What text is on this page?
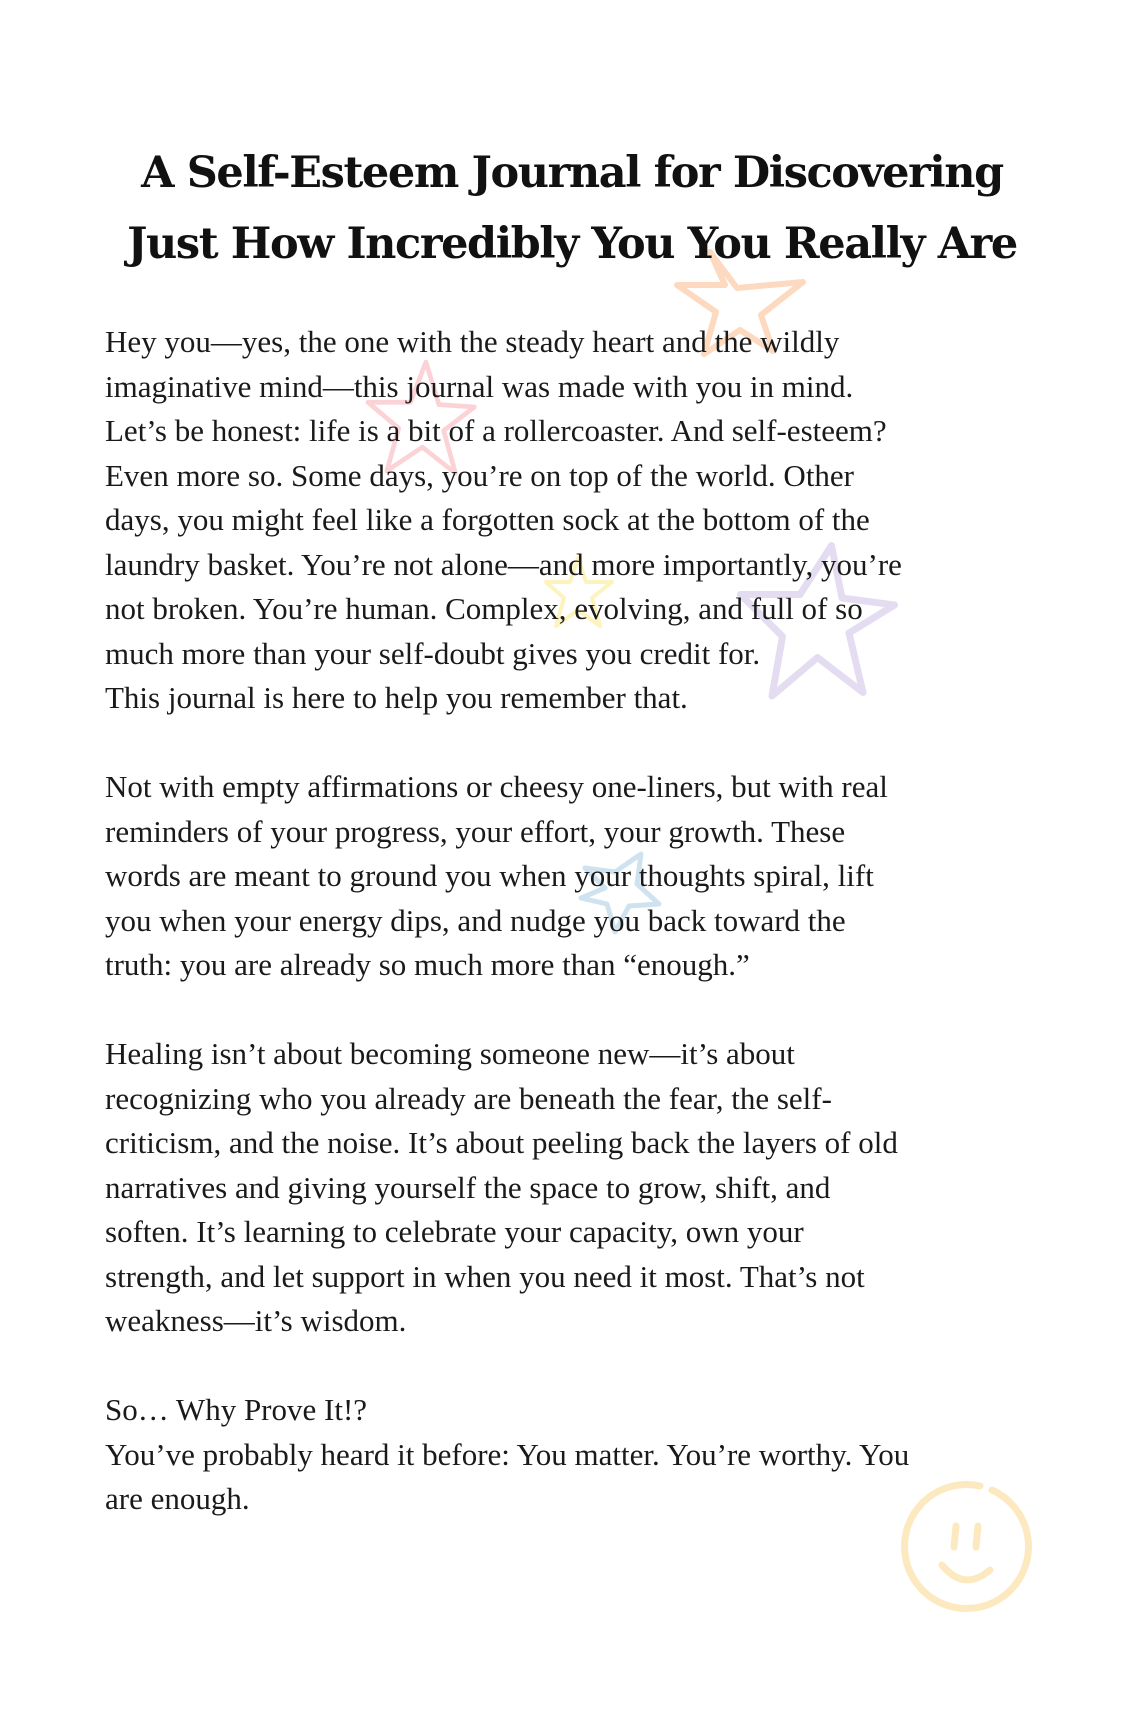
A Self-Esteem Journal for Discovering
Just How Incredibly You You Really Are
Hey you—yes, the one with the steady heart and the wildly
imaginative mind—this journal was made with you in mind.
Let’s be honest: life is a bit of a rollercoaster. And self-esteem?
Even more so. Some days, you’re on top of the world. Other
days, you might feel like a forgotten sock at the bottom of the
laundry basket. You’re not alone—and more importantly, you’re
not broken. You’re human. Complex, evolving, and full of so
much more than your self-doubt gives you credit for.
This journal is here to help you remember that.
Not with empty affirmations or cheesy one-liners, but with real
reminders of your progress, your effort, your growth. These
words are meant to ground you when your thoughts spiral, lift
you when your energy dips, and nudge you back toward the
truth: you are already so much more than “enough.”
Healing isn’t about becoming someone new—it’s about
recognizing who you already are beneath the fear, the self-
criticism, and the noise. It’s about peeling back the layers of old
narratives and giving yourself the space to grow, shift, and
soften. It’s learning to celebrate your capacity, own your
strength, and let support in when you need it most. That’s not
weakness—it’s wisdom.
So… Why Prove It!?
You’ve probably heard it before: You matter. You’re worthy. You
are enough.
